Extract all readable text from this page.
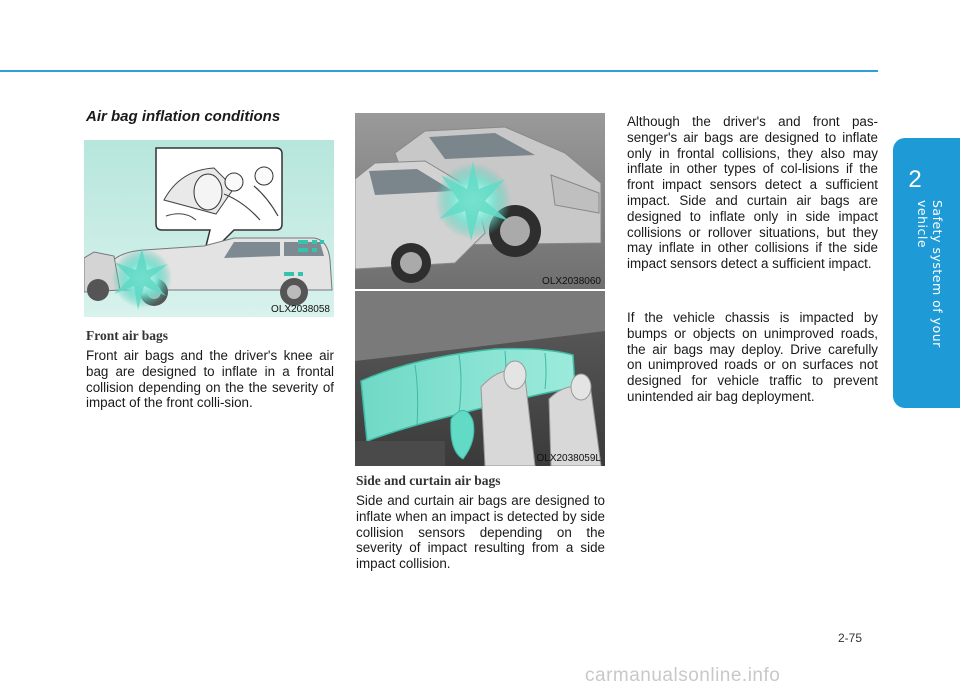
2
Safety system of your vehicle
Air bag inflation conditions
OLX2038058
Front air bags

Front air bags and the driver's knee air bag are designed to inflate in a frontal collision depending on the the severity of impact of the front colli-sion.

OLX2038060
OLX2038059L
Side and curtain air bags

Side and curtain air bags are designed to inflate when an impact is detected by side collision sensors depending on the severity of impact resulting from a side impact collision.

Although the driver's and front pas-senger's air bags are designed to inflate only in frontal collisions, they also may inflate in other types of col-lisions if the front impact sensors detect a sufficient impact. Side and curtain air bags are designed to inflate only in side impact collisions or rollover situations, but they may inflate in other collisions if the side impact sensors detect a sufficient impact.

If the vehicle chassis is impacted by bumps or objects on unimproved roads, the air bags may deploy. Drive carefully on unimproved roads or on surfaces not designed for vehicle traffic to prevent unintended air bag deployment.

2-75
carmanualsonline.info
